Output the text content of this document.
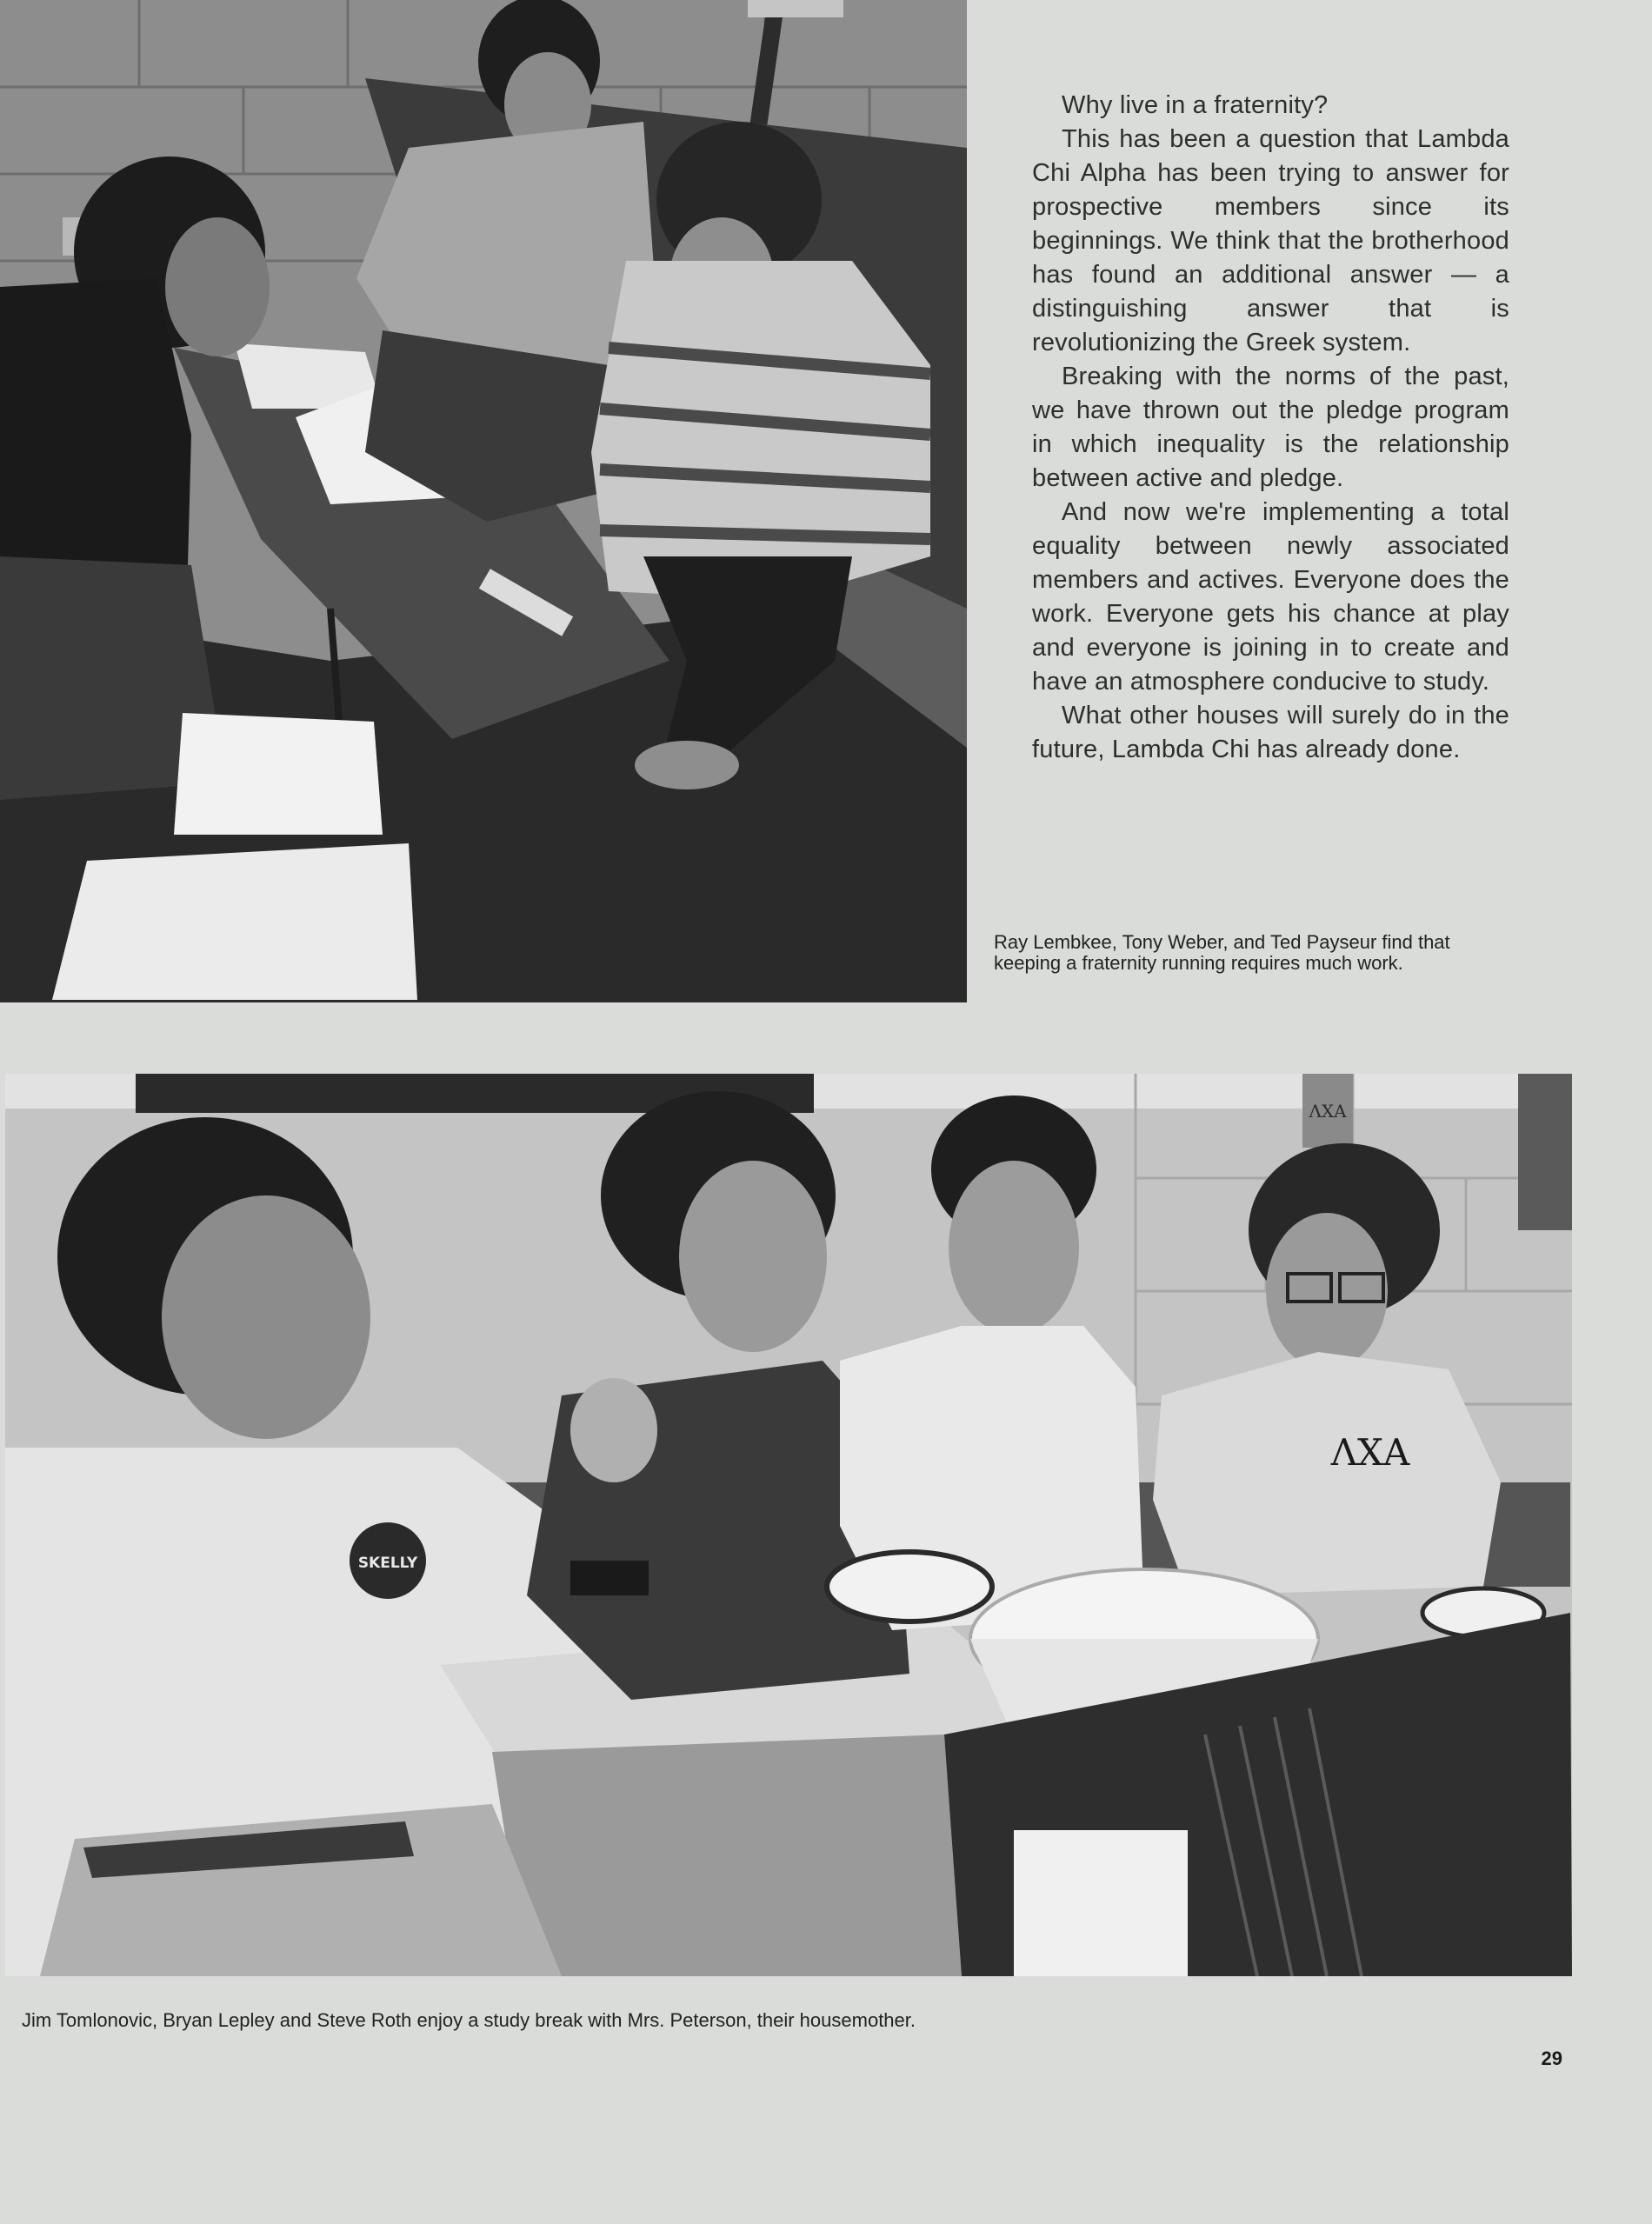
Why live in a fraternity?

This has been a question that Lambda Chi Alpha has been trying to answer for prospective members since its beginnings. We think that the brotherhood has found an additional answer — a distinguishing answer that is revolutionizing the Greek system.

Breaking with the norms of the past, we have thrown out the pledge program in which inequality is the relationship between active and pledge.

And now we're implementing a total equality between newly associated members and actives. Everyone does the work. Everyone gets his chance at play and everyone is joining in to create and have an atmosphere conducive to study.

What other houses will surely do in the future, Lambda Chi has already done.

Ray Lembkee, Tony Weber, and Ted Payseur find that keeping a fraternity running requires much work.
ΛΧΑ
SKELLY
ΛΧΑ
Jim Tomlonovic, Bryan Lepley and Steve Roth enjoy a study break with Mrs. Peterson, their housemother.
29
